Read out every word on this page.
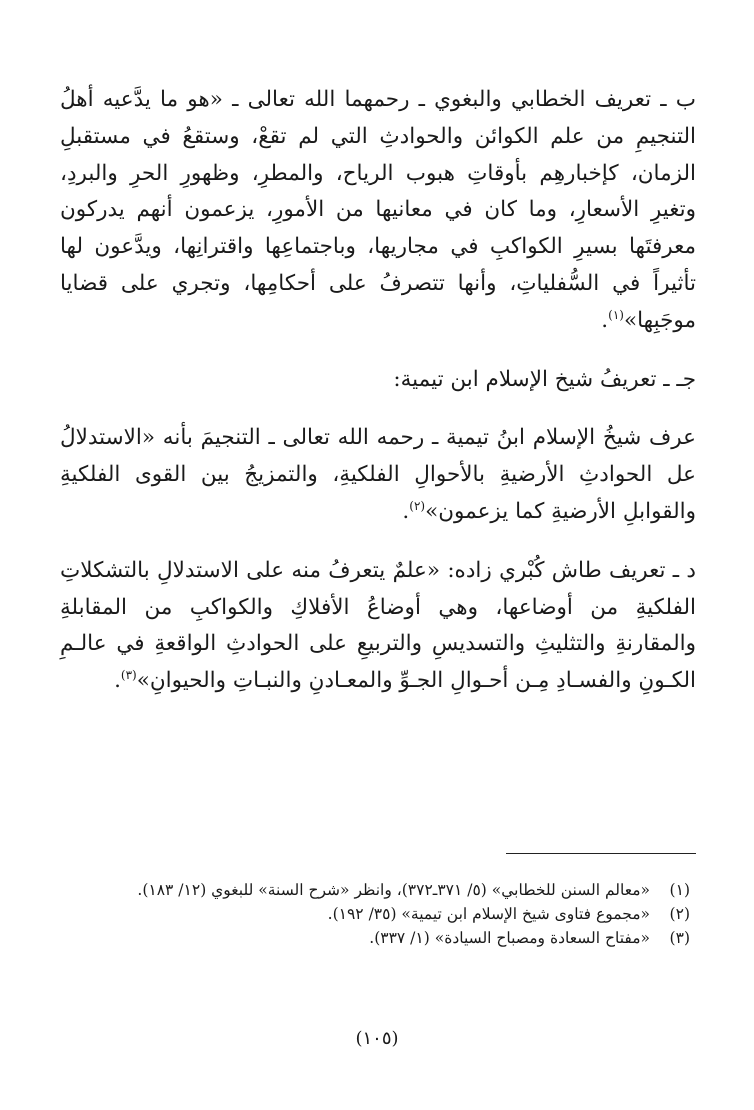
ب ـ تعريف الخطابي والبغوي ـ رحمهما الله تعالى ـ «هو ما يدَّعيه أهلُ التنجيمِ من علم الكوائن والحوادثِ التي لم تقعْ، وستقعُ في مستقبلِ الزمان، كإخبارهِم بأوقاتِ هبوب الرياح، والمطرِ، وظهورِ الحرِ والبردِ، وتغيرِ الأسعارِ، وما كان في معانيها من الأمورِ، يزعمون أنهم يدركون معرفتَها بسيرِ الكواكبِ في مجاريها، وباجتماعِها واقترانِها، ويدَّعون لها تأثيراً في السُّفلياتِ، وأنها تتصرفُ على أحكامِها، وتجري على قضايا موجَبِها»$^{(١)}$.

جـ ـ تعريفُ شيخ الإسلام ابن تيمية:

عرف شيخُ الإسلام ابنُ تيمية ـ رحمه الله تعالى ـ التنجيمَ بأنه «الاستدلالُ عل الحوادثِ الأرضيةِ بالأحوالِ الفلكيةِ، والتمزيجُ بين القوى الفلكيةِ والقوابلِ الأرضيةِ كما يزعمون»$^{(٢)}$.

د ـ تعريف طاش كُبْري زاده: «علمٌ يتعرفُ منه على الاستدلالِ بالتشكلاتِ الفلكيةِ من أوضاعها، وهي أوضاعُ الأفلاكِ والكواكبِ من المقابلةِ والمقارنةِ والتثليثِ والتسديسِ والتربيعِ على الحوادثِ الواقعةِ في عالـمِ الكـونِ والفسـادِ مِـن أحـوالِ الجـوِّ والمعـادنِ والنبـاتِ والحيوانِ»$^{(٣)}$.

(١)
«معالم السنن للخطابي» (٥/ ٣٧١ـ٣٧٢)، وانظر «شرح السنة» للبغوي (١٢/ ١٨٣).
(٢)
«مجموع فتاوى شيخ الإسلام ابن تيمية» (٣٥/ ١٩٢).
(٣)
«مفتاح السعادة ومصباح السيادة» (١/ ٣٣٧).
(١٠٥)
